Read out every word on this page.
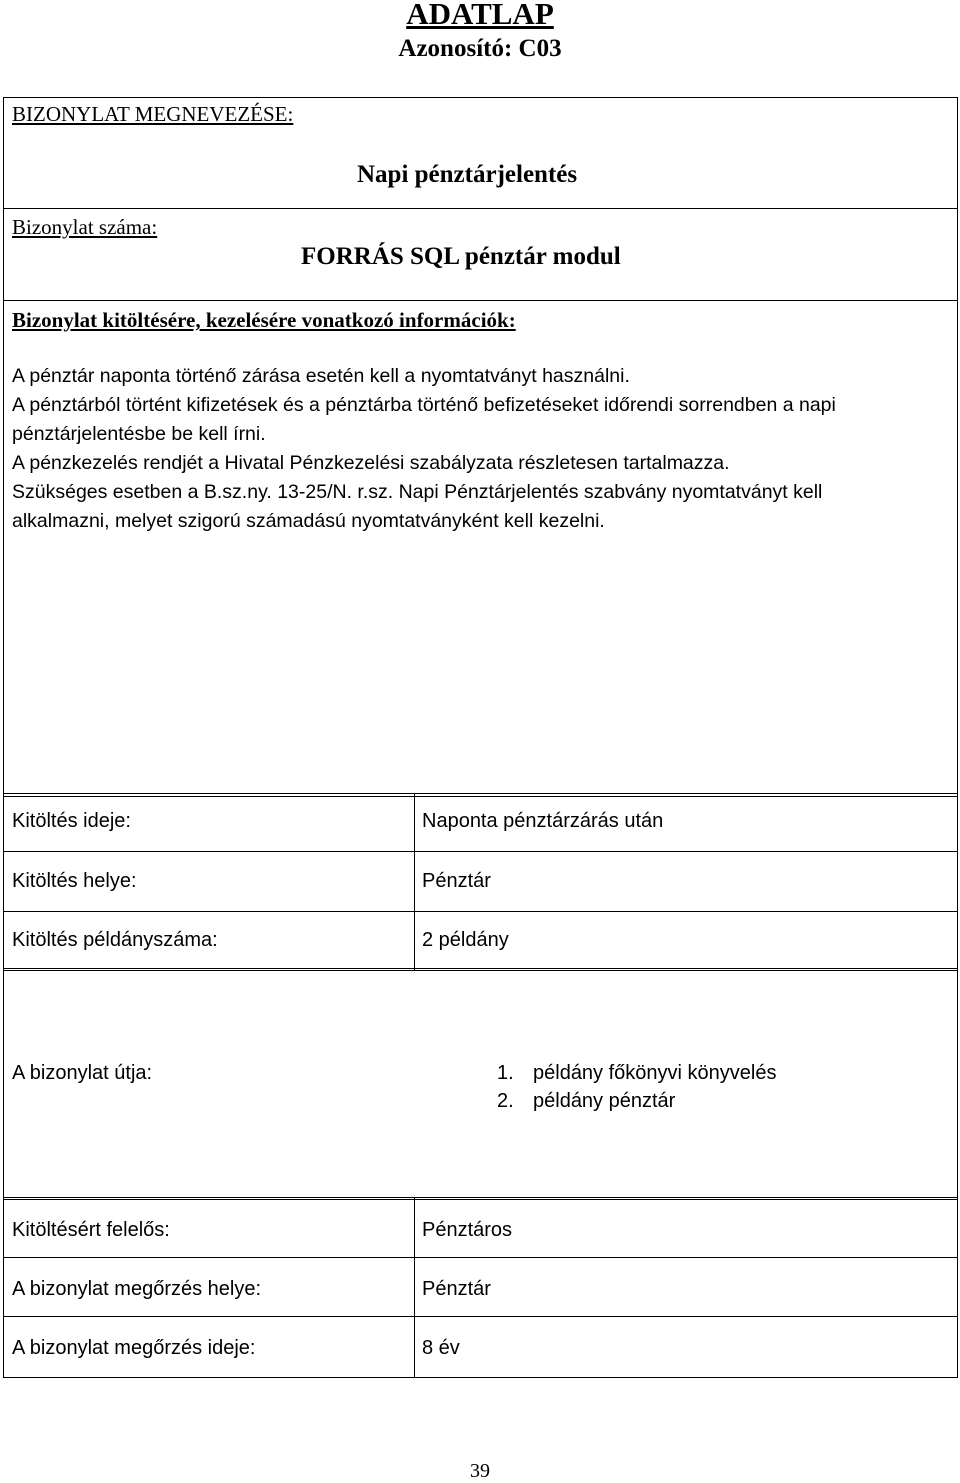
ADATLAP
Azonosító: C03
BIZONYLAT MEGNEVEZÉSE:
Napi pénztárjelentés
Bizonylat száma:
FORRÁS SQL pénztár modul
Bizonylat kitöltésére, kezelésére vonatkozó információk:
A pénztár naponta történő zárása esetén kell a nyomtatványt használni.
A pénztárból történt kifizetések és a pénztárba történő befizetéseket időrendi sorrendben a napi
pénztárjelentésbe be kell írni.
A pénzkezelés rendjét a Hivatal Pénzkezelési szabályzata részletesen tartalmazza.
Szükséges esetben a B.sz.ny. 13-25/N. r.sz. Napi Pénztárjelentés szabvány nyomtatványt kell
alkalmazni, melyet szigorú számadású nyomtatványként kell kezelni.
Kitöltés ideje:	Naponta pénztárzárás után
Kitöltés helye:	Pénztár
Kitöltés példányszáma:	2 példány
A bizonylat útja:	1. példány főkönyvi könyvelés
2. példány pénztár
Kitöltésért felelős:	Pénztáros
A bizonylat megőrzés helye:	Pénztár
A bizonylat megőrzés ideje:	8 év
39
